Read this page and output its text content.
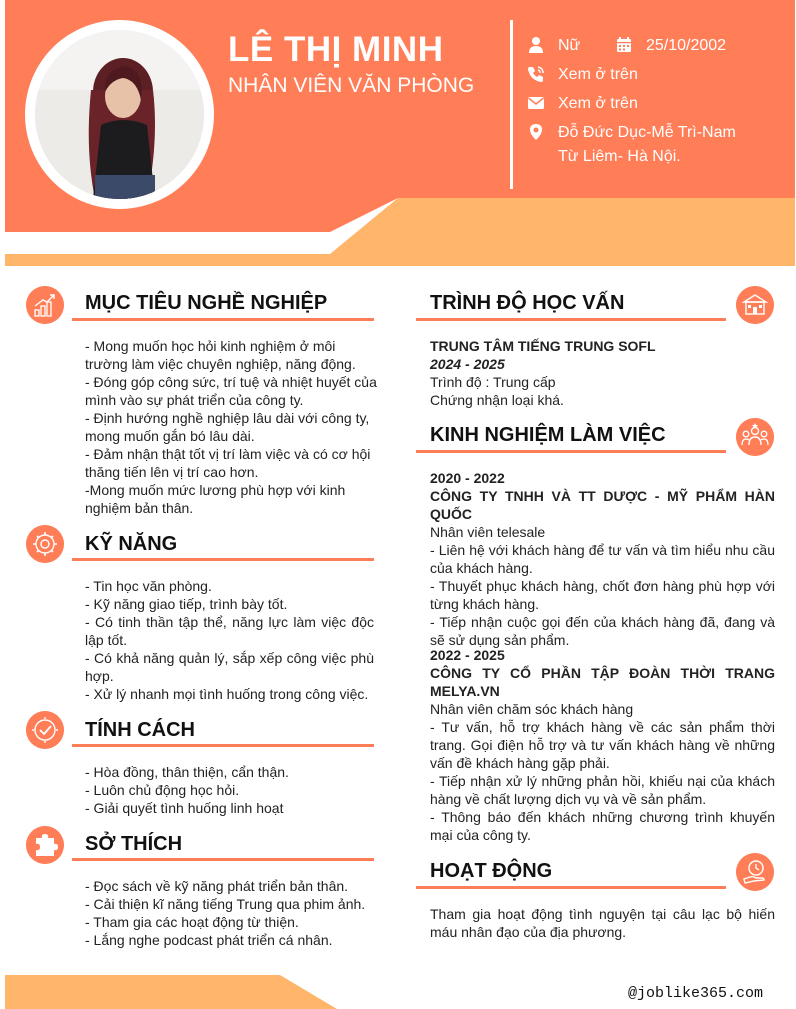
LÊ THỊ MINH
NHÂN VIÊN VĂN PHÒNG
Nữ	25/10/2002
Xem ở trên
Xem ở trên
Đỗ Đức Dục-Mễ Trì-Nam
Từ Liêm- Hà Nội.
MỤC TIÊU NGHỀ NGHIỆP

- Mong muốn học hỏi kinh nghiệm ở môi

trường làm việc chuyên nghiệp, năng động.

- Đóng góp công sức, trí tuệ và nhiệt huyết của

mình vào sự phát triển của công ty.

- Định hướng nghề nghiệp lâu dài với công ty,

mong muốn gắn bó lâu dài.

- Đảm nhận thật tốt vị trí làm việc và có cơ hội

thăng tiến lên vị trí cao hơn.

-Mong muốn mức lương phù hợp với kinh

nghiệm bản thân.

KỸ NĂNG

- Tin học văn phòng.

- Kỹ năng giao tiếp, trình bày tốt.

- Có tinh thần tập thể, năng lực làm việc độc lập tốt.

- Có khả năng quản lý, sắp xếp công việc phù hợp.

- Xử lý nhanh mọi tình huống trong công việc.

TÍNH CÁCH

- Hòa đồng, thân thiện, cẩn thận.

- Luôn chủ động học hỏi.

- Giải quyết tình huống linh hoạt

SỞ THÍCH

- Đọc sách về kỹ năng phát triển bản thân.

- Cải thiện kĩ năng tiếng Trung qua phim ảnh.

- Tham gia các hoạt động từ thiện.

- Lắng nghe podcast phát triển cá nhân.

TRÌNH ĐỘ HỌC VẤN

TRUNG TÂM TIẾNG TRUNG SOFL

2024 - 2025

Trình độ : Trung cấp

Chứng nhận loại khá.

KINH NGHIỆM LÀM VIỆC

2020 - 2022

CÔNG TY TNHH VÀ TT DƯỢC - MỸ PHẨM HÀN QUỐC

Nhân viên telesale

- Liên hệ với khách hàng để tư vấn và tìm hiểu nhu cầu của khách hàng.

- Thuyết phục khách hàng, chốt đơn hàng phù hợp với từng khách hàng.

- Tiếp nhận cuộc gọi đến của khách hàng đã, đang và sẽ sử dụng sản phẩm.

2022 - 2025

CÔNG TY CỔ PHẦN TẬP ĐOÀN THỜI TRANG MELYA.VN

Nhân viên chăm sóc khách hàng

- Tư vấn, hỗ trợ khách hàng về các sản phẩm thời trang. Gọi điện hỗ trợ và tư vấn khách hàng về những vấn đề khách hàng gặp phải.

- Tiếp nhận xử lý những phản hồi, khiếu nại của khách hàng về chất lượng dịch vụ và về sản phẩm.

- Thông báo đến khách những chương trình khuyến mại của công ty.

HOẠT ĐỘNG
Tham gia hoạt động tình nguyện tại câu lạc bộ hiến máu nhân đạo của địa phương.
@joblike365.com
